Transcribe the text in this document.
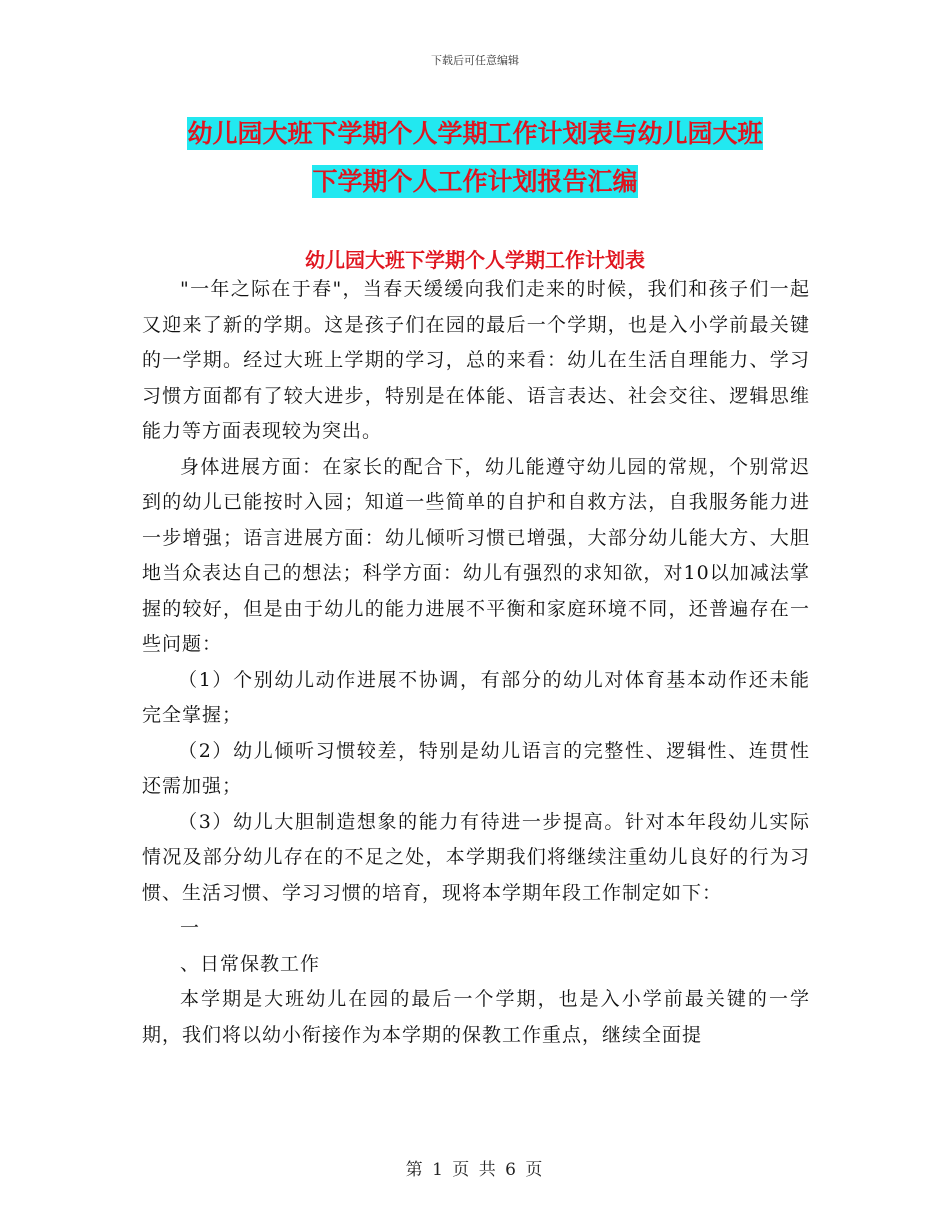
下载后可任意编辑
幼儿园大班下学期个人学期工作计划表与幼儿园大班
下学期个人工作计划报告汇编
幼儿园大班下学期个人学期工作计划表

"一年之际在于春"，当春天缓缓向我们走来的时候，我们和孩子们一起又迎来了新的学期。这是孩子们在园的最后一个学期，也是入小学前最关键的一学期。经过大班上学期的学习，总的来看：幼儿在生活自理能力、学习习惯方面都有了较大进步，特别是在体能、语言表达、社会交往、逻辑思维能力等方面表现较为突出。

身体进展方面：在家长的配合下，幼儿能遵守幼儿园的常规，个别常迟到的幼儿已能按时入园；知道一些简单的自护和自救方法，自我服务能力进一步增强；语言进展方面：幼儿倾听习惯已增强，大部分幼儿能大方、大胆地当众表达自己的想法；科学方面：幼儿有强烈的求知欲，对10以加减法掌握的较好，但是由于幼儿的能力进展不平衡和家庭环境不同，还普遍存在一些问题：

（1）个别幼儿动作进展不协调，有部分的幼儿对体育基本动作还未能完全掌握；

（2）幼儿倾听习惯较差，特别是幼儿语言的完整性、逻辑性、连贯性还需加强；

（3）幼儿大胆制造想象的能力有待进一步提高。针对本年段幼儿实际情况及部分幼儿存在的不足之处，本学期我们将继续注重幼儿良好的行为习惯、生活习惯、学习习惯的培育，现将本学期年段工作制定如下：

一

、日常保教工作

本学期是大班幼儿在园的最后一个学期，也是入小学前最关键的一学期，我们将以幼小衔接作为本学期的保教工作重点，继续全面提

第 1 页 共 6 页
